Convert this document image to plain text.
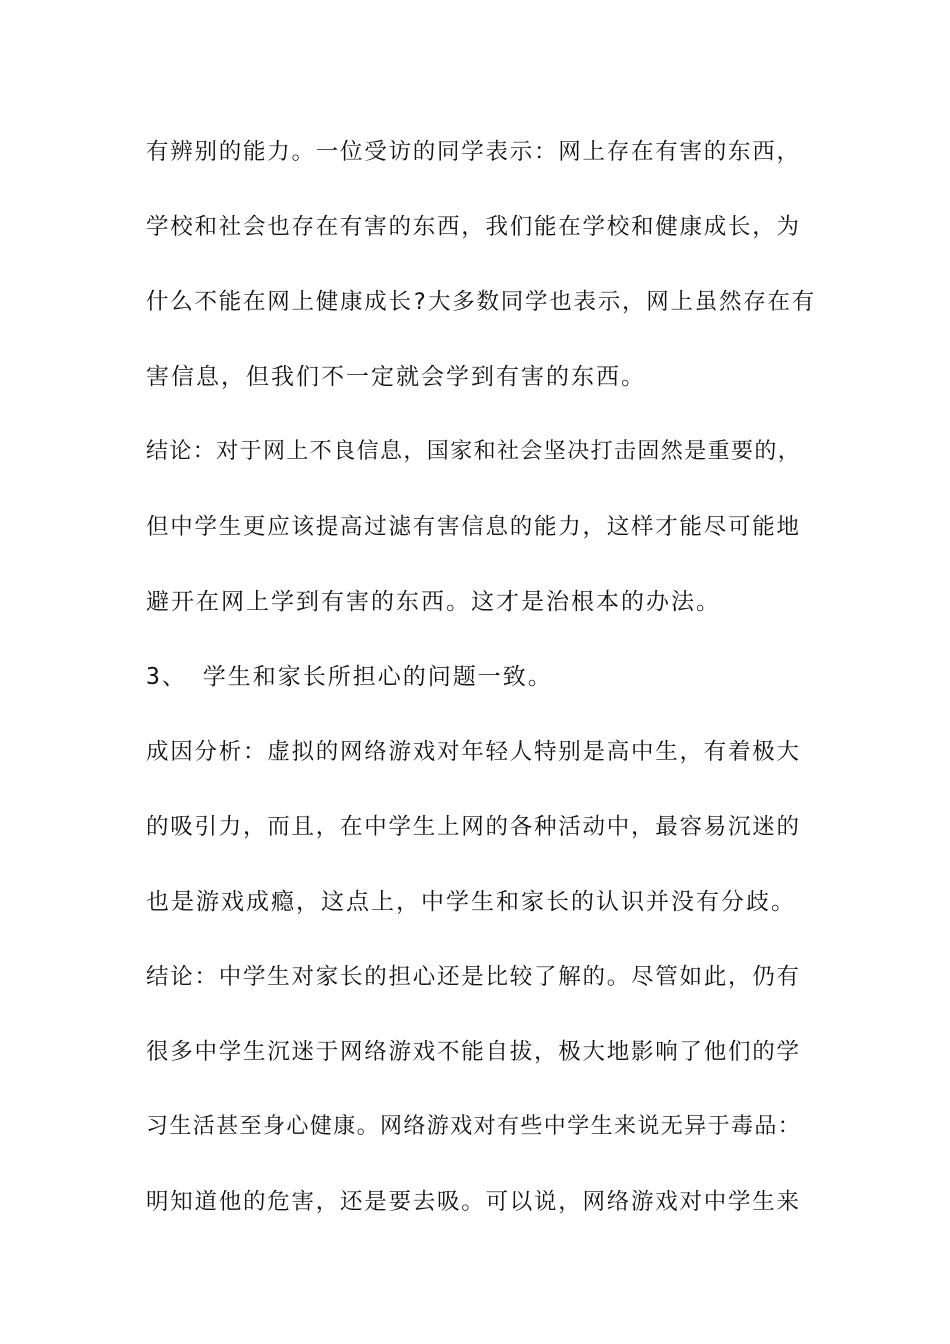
有辨别的能力。一位受访的同学表示：网上存在有害的东西，
学校和社会也存在有害的东西，我们能在学校和健康成长，为
什么不能在网上健康成长?大多数同学也表示，网上虽然存在有
害信息，但我们不一定就会学到有害的东西。
结论：对于网上不良信息，国家和社会坚决打击固然是重要的，
但中学生更应该提高过滤有害信息的能力，这样才能尽可能地
避开在网上学到有害的东西。这才是治根本的办法。
3、 学生和家长所担心的问题一致。
成因分析：虚拟的网络游戏对年轻人特别是高中生，有着极大
的吸引力，而且，在中学生上网的各种活动中，最容易沉迷的
也是游戏成瘾，这点上，中学生和家长的认识并没有分歧。
结论：中学生对家长的担心还是比较了解的。尽管如此，仍有
很多中学生沉迷于网络游戏不能自拔，极大地影响了他们的学
习生活甚至身心健康。网络游戏对有些中学生来说无异于毒品：
明知道他的危害，还是要去吸。可以说，网络游戏对中学生来
